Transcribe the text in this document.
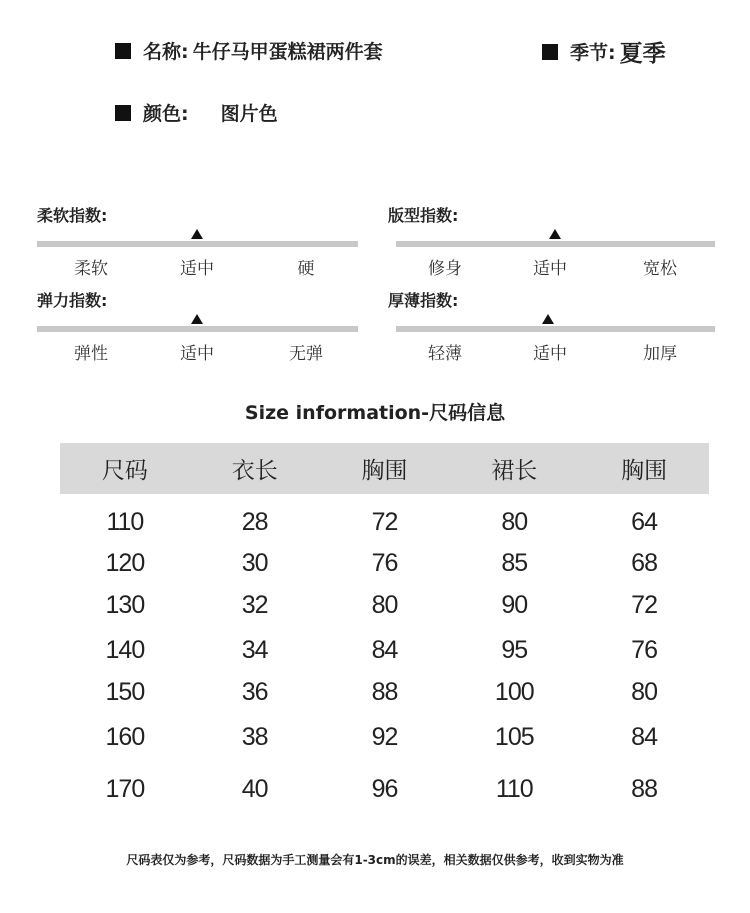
名称: 牛仔马甲蛋糕裙两件套	季节: 夏季
颜色: 图片色
柔软指数:
柔软	适中	硬
版型指数:
修身	适中	宽松
弹力指数:
弹性	适中	无弹
厚薄指数:
轻薄	适中	加厚
Size information-尺码信息
尺码	衣长	胸围	裙长	胸围
110	28	72	80	64
120	30	76	85	68
130	32	80	90	72
140	34	84	95	76
150	36	88	100	80
160	38	92	105	84
170	40	96	110	88
尺码表仅为参考，尺码数据为手工测量会有1-3cm的误差，相关数据仅供参考，收到实物为准
